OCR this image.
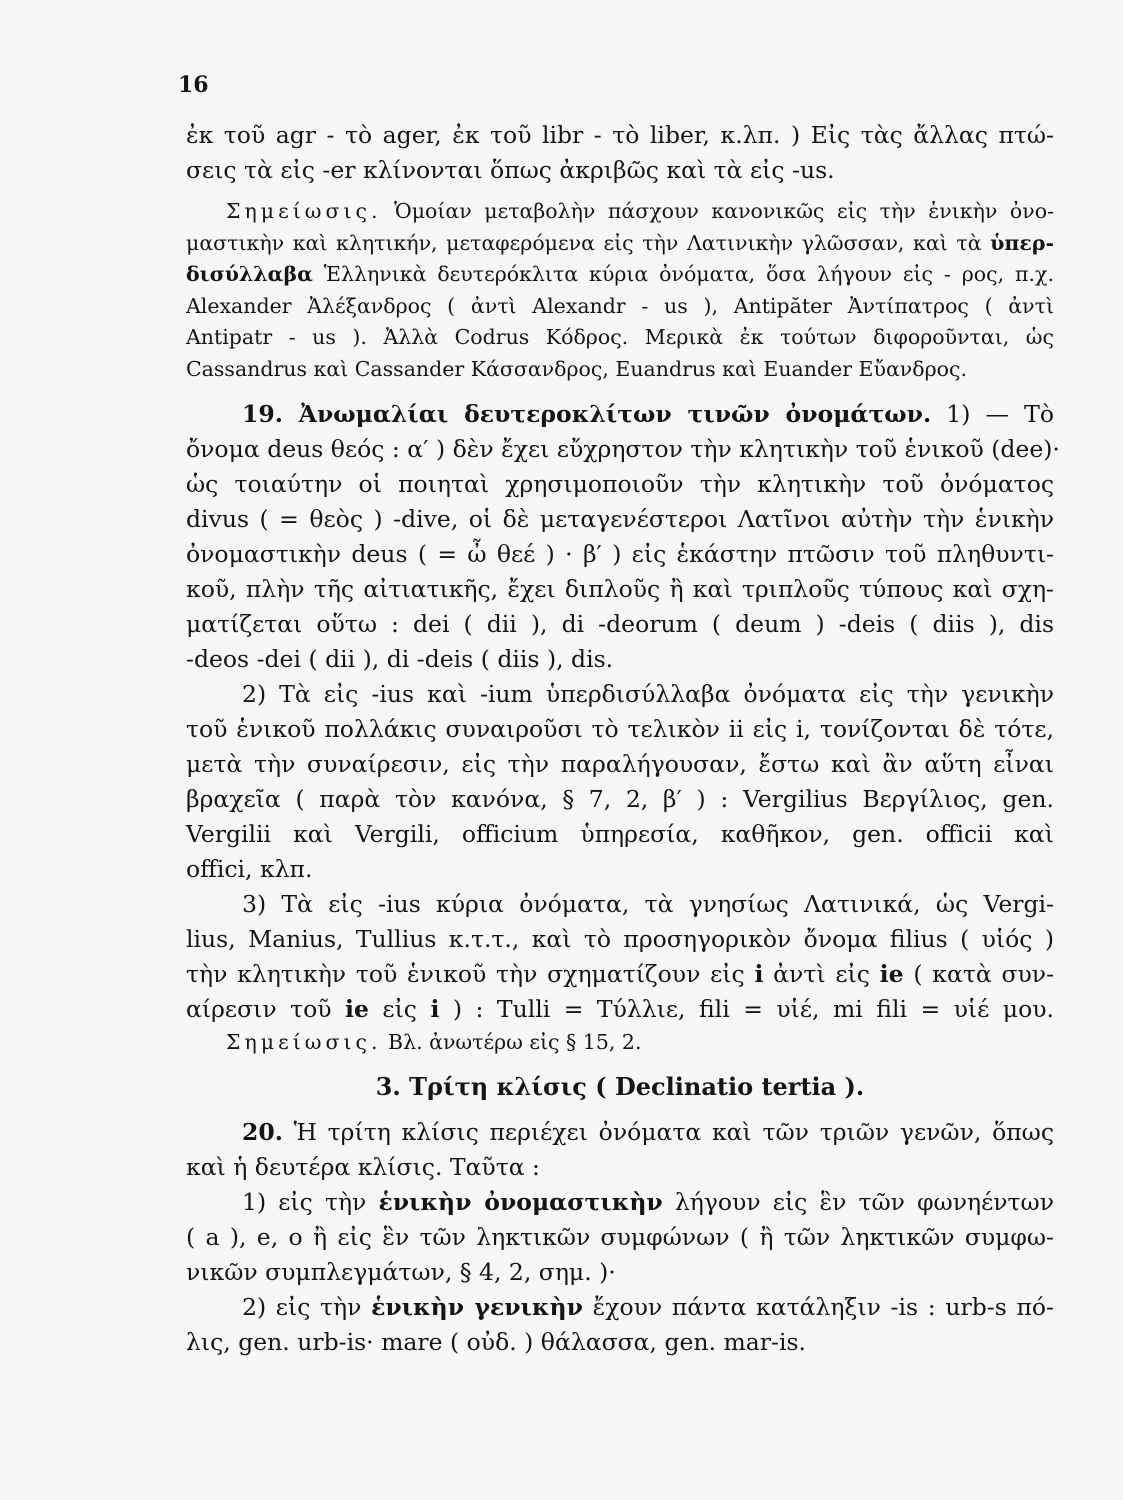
16
ἐκ τοῦ agr - τὸ ager, ἐκ τοῦ libr - τὸ liber, κ.λπ. ) Εἰς τὰς ἄλλας πτώ-
σεις τὰ εἰς -er κλίνονται ὅπως ἀκριβῶς καὶ τὰ εἰς -us.
Σημείωσις. Ὁμοίαν μεταβολὴν πάσχουν κανονικῶς εἰς τὴν ἑνικὴν ὀνο-
μαστικὴν καὶ κλητικήν, μεταφερόμενα εἰς τὴν Λατινικὴν γλῶσσαν, καὶ τὰ ὑπερ-
δισύλλαβα Ἑλληνικὰ δευτερόκλιτα κύρια ὀνόματα, ὅσα λήγουν εἰς - ρος, π.χ.
Alexander Ἀλέξανδρος ( ἀντὶ Alexandr - us ), Antipăter Ἀντίπατρος ( ἀντὶ
Antipatr - us ). Ἀλλὰ Codrus Κόδρος. Μερικὰ ἐκ τούτων διφοροῦνται, ὡς
Cassandrus καὶ Cassander Κάσσανδρος, Euandrus καὶ Euander Εὔανδρος.
19. Ἀνωμαλίαι δευτεροκλίτων τινῶν ὀνομάτων. 1) — Τὸ
ὄνομα deus θεός : α′ ) δὲν ἔχει εὔχρηστον τὴν κλητικὴν τοῦ ἑνικοῦ (dee)·
ὡς τοιαύτην οἱ ποιηταὶ χρησιμοποιοῦν τὴν κλητικὴν τοῦ ὀνόματος
divus ( = θεὸς ) -dive, οἱ δὲ μεταγενέστεροι Λατῖνοι αὐτὴν τὴν ἑνικὴν
ὀνομαστικὴν deus ( = ὦ θεέ ) · β′ ) εἰς ἑκάστην πτῶσιν τοῦ πληθυντι-
κοῦ, πλὴν τῆς αἰτιατικῆς, ἔχει διπλοῦς ἢ καὶ τριπλοῦς τύπους καὶ σχη-
ματίζεται οὕτω : dei ( dii ), di -deorum ( deum ) -deis ( diis ), dis
-deos -dei ( dii ), di -deis ( diis ), dis.
2) Τὰ εἰς -ius καὶ -ium ὑπερδισύλλαβα ὀνόματα εἰς τὴν γενικὴν
τοῦ ἑνικοῦ πολλάκις συναιροῦσι τὸ τελικὸν ii εἰς i, τονίζονται δὲ τότε,
μετὰ τὴν συναίρεσιν, εἰς τὴν παραλήγουσαν, ἔστω καὶ ἂν αὕτη εἶναι
βραχεῖα ( παρὰ τὸν κανόνα, § 7, 2, β′ ) : Vergilius Βεργίλιος, gen.
Vergilii καὶ Vergili, officium ὑπηρεσία, καθῆκον, gen. officii καὶ
offici, κλπ.
3) Τὰ εἰς -ius κύρια ὀνόματα, τὰ γνησίως Λατινικά, ὡς Vergi-
lius, Manius, Tullius κ.τ.τ., καὶ τὸ προσηγορικὸν ὄνομα filius ( υἱός )
τὴν κλητικὴν τοῦ ἑνικοῦ τὴν σχηματίζουν εἰς i ἀντὶ εἰς ie ( κατὰ συν-
αίρεσιν τοῦ ie εἰς i ) : Tulli = Τύλλιε, fili = υἱέ, mi fili = υἱέ μου.
Σημείωσις. Βλ. ἀνωτέρω εἰς § 15, 2.
3. Τρίτη κλίσις ( Declinatio tertia ).
20. Ἡ τρίτη κλίσις περιέχει ὀνόματα καὶ τῶν τριῶν γενῶν, ὅπως
καὶ ἡ δευτέρα κλίσις. Ταῦτα :
1) εἰς τὴν ἑνικὴν ὀνομαστικὴν λήγουν εἰς ἓν τῶν φωνηέντων
( a ), e, o ἢ εἰς ἓν τῶν ληκτικῶν συμφώνων ( ἢ τῶν ληκτικῶν συμφω-
νικῶν συμπλεγμάτων, § 4, 2, σημ. )·
2) εἰς τὴν ἑνικὴν γενικὴν ἔχουν πάντα κατάληξιν -is : urb-s πό-
λις, gen. urb-is· mare ( οὐδ. ) θάλασσα, gen. mar-is.
